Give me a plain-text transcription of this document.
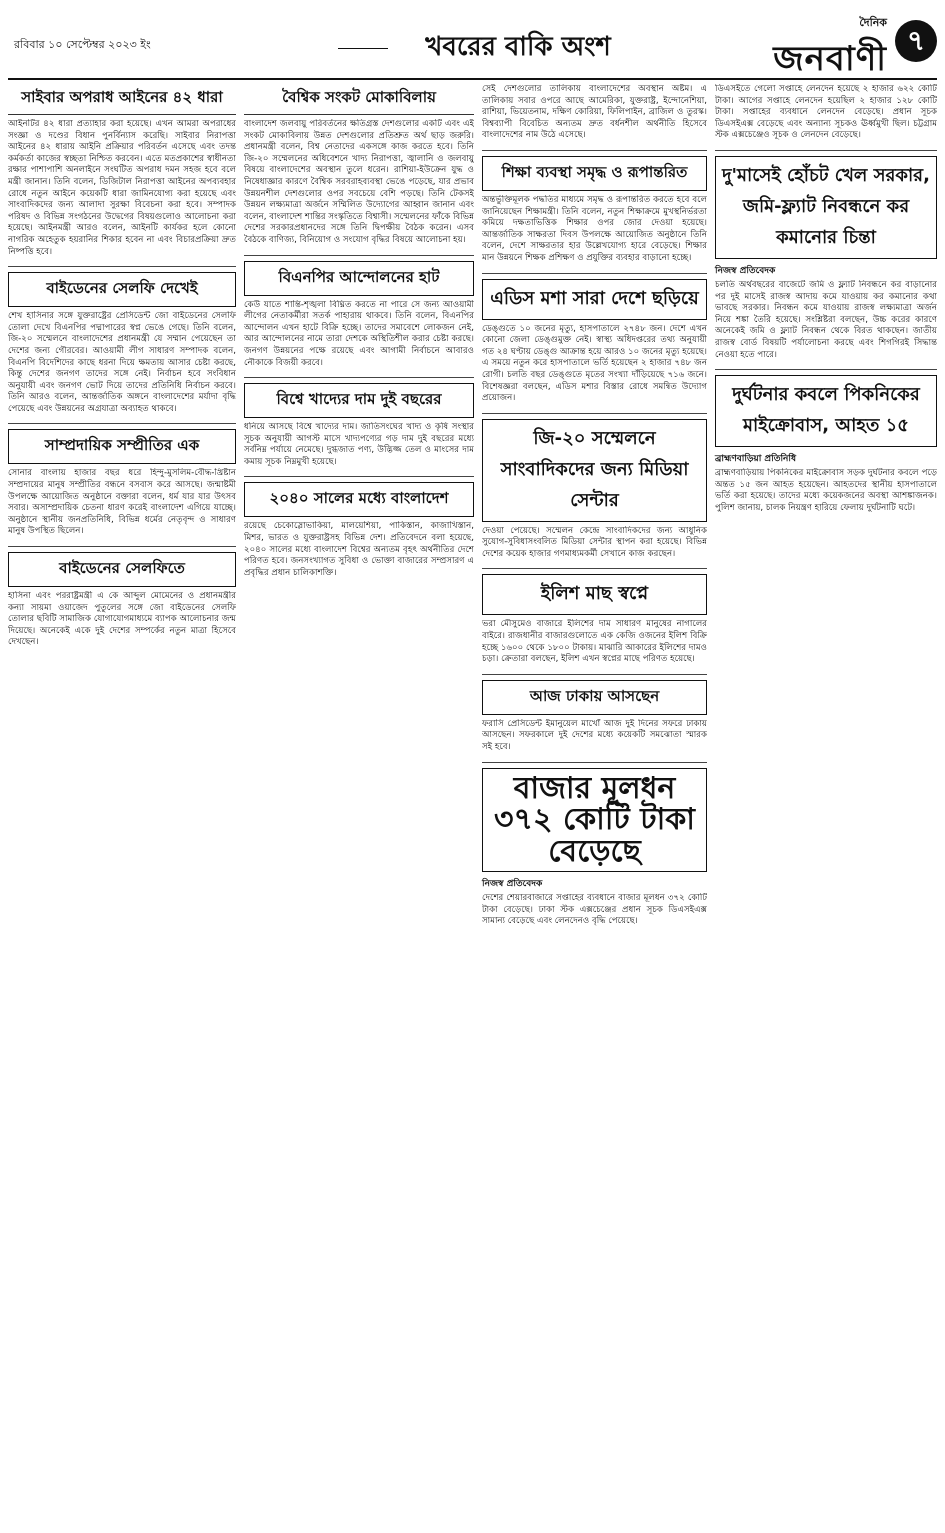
রবিবার ১০ সেপ্টেম্বর ২০২৩ ইং	খবরের বাকি অংশ
দৈনিক
জনবাণী ৭
সাইবার অপরাধ আইনের ৪২ ধারা
আইনটির ৪২ ধারা প্রত্যাহার করা হয়েছে। এখন আমরা অপরাধের সংজ্ঞা ও দণ্ডের বিধান পুনর্বিন্যাস করেছি। সাইবার নিরাপত্তা আইনের ৪২ ধারায় আইনি প্রক্রিয়ার পরিবর্তন এসেছে এবং তদন্ত কর্মকর্তা কাজের স্বচ্ছতা নিশ্চিত করবেন। এতে মতপ্রকাশের স্বাধীনতা রক্ষার পাশাপাশি অনলাইনে সংঘটিত অপরাধ দমন সহজ হবে বলে মন্ত্রী জানান। তিনি বলেন, ডিজিটাল নিরাপত্তা আইনের অপব্যবহার রোধে নতুন আইনে কয়েকটি ধারা জামিনযোগ্য করা হয়েছে এবং সাংবাদিকদের জন্য আলাদা সুরক্ষা বিবেচনা করা হবে। সম্পাদক পরিষদ ও বিভিন্ন সংগঠনের উদ্বেগের বিষয়গুলোও আলোচনা করা হয়েছে। আইনমন্ত্রী আরও বলেন, আইনটি কার্যকর হলে কোনো নাগরিক অহেতুক হয়রানির শিকার হবেন না এবং বিচারপ্রক্রিয়া দ্রুত নিষ্পত্তি হবে।
বাইডেনের সেলফি দেখেই
শেখ হাসিনার সঙ্গে যুক্তরাষ্ট্রের প্রেসিডেন্ট জো বাইডেনের সেলফি তোলা দেখে বিএনপির পদ্মাপারের স্বপ্ন ভেঙে গেছে। তিনি বলেন, জি-২০ সম্মেলনে বাংলাদেশের প্রধানমন্ত্রী যে সম্মান পেয়েছেন তা দেশের জন্য গৌরবের। আওয়ামী লীগ সাধারণ সম্পাদক বলেন, বিএনপি বিদেশিদের কাছে ধরনা দিয়ে ক্ষমতায় আসার চেষ্টা করছে, কিন্তু দেশের জনগণ তাদের সঙ্গে নেই। নির্বাচন হবে সংবিধান অনুযায়ী এবং জনগণ ভোট দিয়ে তাদের প্রতিনিধি নির্বাচন করবে। তিনি আরও বলেন, আন্তর্জাতিক অঙ্গনে বাংলাদেশের মর্যাদা বৃদ্ধি পেয়েছে এবং উন্নয়নের অগ্রযাত্রা অব্যাহত থাকবে।
সাম্প্রদায়িক সম্প্রীতির এক
সোনার বাংলায় হাজার বছর ধরে হিন্দু-মুসলিম-বৌদ্ধ-খ্রিষ্টান সম্প্রদায়ের মানুষ সম্প্রীতির বন্ধনে বসবাস করে আসছে। জন্মাষ্টমী উপলক্ষে আয়োজিত অনুষ্ঠানে বক্তারা বলেন, ধর্ম যার যার উৎসব সবার। অসাম্প্রদায়িক চেতনা ধারণ করেই বাংলাদেশ এগিয়ে যাচ্ছে। অনুষ্ঠানে স্থানীয় জনপ্রতিনিধি, বিভিন্ন ধর্মের নেতৃবৃন্দ ও সাধারণ মানুষ উপস্থিত ছিলেন।
বাইডেনের সেলফিতে
হাসিনা এবং পররাষ্ট্রমন্ত্রী এ কে আব্দুল মোমেনের ও প্রধানমন্ত্রীর কন্যা সায়মা ওয়াজেদ পুতুলের সঙ্গে জো বাইডেনের সেলফি তোলার ছবিটি সামাজিক যোগাযোগমাধ্যমে ব্যাপক আলোচনার জন্ম দিয়েছে। অনেকেই একে দুই দেশের সম্পর্কের নতুন মাত্রা হিসেবে দেখছেন।
বৈশ্বিক সংকট মোকাবিলায়
বাংলাদেশ জলবায়ু পরিবর্তনের ক্ষতিগ্রস্ত দেশগুলোর একটি এবং এই সংকট মোকাবিলায় উন্নত দেশগুলোর প্রতিশ্রুত অর্থ ছাড় জরুরি। প্রধানমন্ত্রী বলেন, বিশ্ব নেতাদের একসঙ্গে কাজ করতে হবে। তিনি জি-২০ সম্মেলনের অধিবেশনে খাদ্য নিরাপত্তা, জ্বালানি ও জলবায়ু বিষয়ে বাংলাদেশের অবস্থান তুলে ধরেন। রাশিয়া-ইউক্রেন যুদ্ধ ও নিষেধাজ্ঞার কারণে বৈশ্বিক সরবরাহব্যবস্থা ভেঙে পড়েছে, যার প্রভাব উন্নয়নশীল দেশগুলোর ওপর সবচেয়ে বেশি পড়ছে। তিনি টেকসই উন্নয়ন লক্ষ্যমাত্রা অর্জনে সম্মিলিত উদ্যোগের আহ্বান জানান এবং বলেন, বাংলাদেশ শান্তির সংস্কৃতিতে বিশ্বাসী। সম্মেলনের ফাঁকে বিভিন্ন দেশের সরকারপ্রধানদের সঙ্গে তিনি দ্বিপক্ষীয় বৈঠক করেন। এসব বৈঠকে বাণিজ্য, বিনিয়োগ ও সংযোগ বৃদ্ধির বিষয়ে আলোচনা হয়।
বিএনপির আন্দোলনের হাট
কেউ যাতে শান্তি-শৃঙ্খলা বিঘ্নিত করতে না পারে সে জন্য আওয়ামী লীগের নেতাকর্মীরা সতর্ক পাহারায় থাকবে। তিনি বলেন, বিএনপির আন্দোলন এখন হাটে বিক্রি হচ্ছে। তাদের সমাবেশে লোকজন নেই, আর আন্দোলনের নামে তারা দেশকে অস্থিতিশীল করার চেষ্টা করছে। জনগণ উন্নয়নের পক্ষে রয়েছে এবং আগামী নির্বাচনে আবারও নৌকাকে বিজয়ী করবে।
বিশ্বে খাদ্যের দাম দুই বছরের
ধনিয়ে আসছে বিশ্বে খাদ্যের দাম। জাতিসংঘের খাদ্য ও কৃষি সংস্থার সূচক অনুযায়ী আগস্ট মাসে খাদ্যপণ্যের গড় দাম দুই বছরের মধ্যে সর্বনিম্ন পর্যায়ে নেমেছে। দুগ্ধজাত পণ্য, উদ্ভিজ্জ তেল ও মাংসের দাম কমায় সূচক নিম্নমুখী হয়েছে।
২০৪০ সালের মধ্যে বাংলাদেশ
রয়েছে চেকোস্লোভাকিয়া, মালয়েশিয়া, পাকিস্তান, কাজাখিস্তান, মিশর, ভারত ও যুক্তরাষ্ট্রসহ বিভিন্ন দেশ। প্রতিবেদনে বলা হয়েছে, ২০৪০ সালের মধ্যে বাংলাদেশ বিশ্বের অন্যতম বৃহৎ অর্থনীতির দেশে পরিণত হবে। জনসংখ্যাগত সুবিধা ও ভোক্তা বাজারের সম্প্রসারণ এ প্রবৃদ্ধির প্রধান চালিকাশক্তি।
সেই দেশগুলোর তালিকায় বাংলাদেশের অবস্থান অষ্টম। এ তালিকায় সবার ওপরে আছে আমেরিকা, যুক্তরাষ্ট্র, ইন্দোনেশিয়া, রাশিয়া, ভিয়েতনাম, দক্ষিণ কোরিয়া, ফিলিপাইন, ব্রাজিল ও তুরস্ক। বিশ্বব্যাপী বিবেচিত অন্যতম দ্রুত বর্ধনশীল অর্থনীতি হিসেবে বাংলাদেশের নাম উঠে এসেছে।
শিক্ষা ব্যবস্থা সমৃদ্ধ ও রূপান্তরিত
অন্তর্ভুক্তিমূলক পদ্ধতির মাধ্যমে সমৃদ্ধ ও রূপান্তরিত করতে হবে বলে জানিয়েছেন শিক্ষামন্ত্রী। তিনি বলেন, নতুন শিক্ষাক্রমে মুখস্থনির্ভরতা কমিয়ে দক্ষতাভিত্তিক শিক্ষার ওপর জোর দেওয়া হয়েছে। আন্তর্জাতিক সাক্ষরতা দিবস উপলক্ষে আয়োজিত অনুষ্ঠানে তিনি বলেন, দেশে সাক্ষরতার হার উল্লেখযোগ্য হারে বেড়েছে। শিক্ষার মান উন্নয়নে শিক্ষক প্রশিক্ষণ ও প্রযুক্তির ব্যবহার বাড়ানো হচ্ছে।
এডিস মশা সারা দেশে ছড়িয়ে
ডেঙ্গুতে ১০ জনের মৃত্যু, হাসপাতালে ২৭৪৮ জন। দেশে এখন কোনো জেলা ডেঙ্গুমুক্ত নেই। স্বাস্থ্য অধিদপ্তরের তথ্য অনুযায়ী গত ২৪ ঘণ্টায় ডেঙ্গু আক্রান্ত হয়ে আরও ১০ জনের মৃত্যু হয়েছে। এ সময়ে নতুন করে হাসপাতালে ভর্তি হয়েছেন ২ হাজার ৭৪৮ জন রোগী। চলতি বছর ডেঙ্গুতে মৃতের সংখ্যা দাঁড়িয়েছে ৭১৬ জনে। বিশেষজ্ঞরা বলছেন, এডিস মশার বিস্তার রোধে সমন্বিত উদ্যোগ প্রয়োজন।
জি-২০ সম্মেলনে সাংবাদিকদের জন্য মিডিয়া সেন্টার
দেওয়া পেয়েছে। সম্মেলন কেন্দ্রে সাংবাদিকদের জন্য আধুনিক সুযোগ-সুবিধাসংবলিত মিডিয়া সেন্টার স্থাপন করা হয়েছে। বিভিন্ন দেশের কয়েক হাজার গণমাধ্যমকর্মী সেখানে কাজ করছেন।
ইলিশ মাছ স্বপ্নে
ভরা মৌসুমেও বাজারে ইলিশের দাম সাধারণ মানুষের নাগালের বাইরে। রাজধানীর বাজারগুলোতে এক কেজি ওজনের ইলিশ বিক্রি হচ্ছে ১৬০০ থেকে ১৮০০ টাকায়। মাঝারি আকারের ইলিশের দামও চড়া। ক্রেতারা বলছেন, ইলিশ এখন স্বপ্নের মাছে পরিণত হয়েছে।
আজ ঢাকায় আসছেন
ফরাসি প্রেসিডেন্ট ইমানুয়েল মাখোঁ আজ দুই দিনের সফরে ঢাকায় আসছেন। সফরকালে দুই দেশের মধ্যে কয়েকটি সমঝোতা স্মারক সই হবে।
বাজার মূলধন ৩৭২ কোটি টাকা বেড়েছে
নিজস্ব প্রতিবেদক
দেশের শেয়ারবাজারে সপ্তাহের ব্যবধানে বাজার মূলধন ৩৭২ কোটি টাকা বেড়েছে। ঢাকা স্টক এক্সচেঞ্জের প্রধান সূচক ডিএসইএক্স সামান্য বেড়েছে এবং লেনদেনও বৃদ্ধি পেয়েছে।
ডিএসইতে গেলো সপ্তাহে লেনদেন হয়েছে ২ হাজার ৬২২ কোটি টাকা। আগের সপ্তাহে লেনদেন হয়েছিল ২ হাজার ১২৮ কোটি টাকা। সপ্তাহের ব্যবধানে লেনদেন বেড়েছে। প্রধান সূচক ডিএসইএক্স বেড়েছে এবং অন্যান্য সূচকও ঊর্ধ্বমুখী ছিল। চট্টগ্রাম স্টক এক্সচেঞ্জেও সূচক ও লেনদেন বেড়েছে।
দু'মাসেই হোঁচট খেল সরকার, জমি-ফ্ল্যাট নিবন্ধনে কর কমানোর চিন্তা
নিজস্ব প্রতিবেদক
চলতি অর্থবছরের বাজেটে জমি ও ফ্ল্যাট নিবন্ধনে কর বাড়ানোর পর দুই মাসেই রাজস্ব আদায় কমে যাওয়ায় কর কমানোর কথা ভাবছে সরকার। নিবন্ধন কমে যাওয়ায় রাজস্ব লক্ষ্যমাত্রা অর্জন নিয়ে শঙ্কা তৈরি হয়েছে। সংশ্লিষ্টরা বলছেন, উচ্চ করের কারণে অনেকেই জমি ও ফ্ল্যাট নিবন্ধন থেকে বিরত থাকছেন। জাতীয় রাজস্ব বোর্ড বিষয়টি পর্যালোচনা করছে এবং শিগগিরই সিদ্ধান্ত নেওয়া হতে পারে।
দুর্ঘটনার কবলে পিকনিকের মাইক্রোবাস, আহত ১৫
ব্রাহ্মণবাড়িয়া প্রতিনিধি
ব্রাহ্মণবাড়িয়ায় পিকনিকের মাইক্রোবাস সড়ক দুর্ঘটনার কবলে পড়ে অন্তত ১৫ জন আহত হয়েছেন। আহতদের স্থানীয় হাসপাতালে ভর্তি করা হয়েছে। তাদের মধ্যে কয়েকজনের অবস্থা আশঙ্কাজনক। পুলিশ জানায়, চালক নিয়ন্ত্রণ হারিয়ে ফেলায় দুর্ঘটনাটি ঘটে।
